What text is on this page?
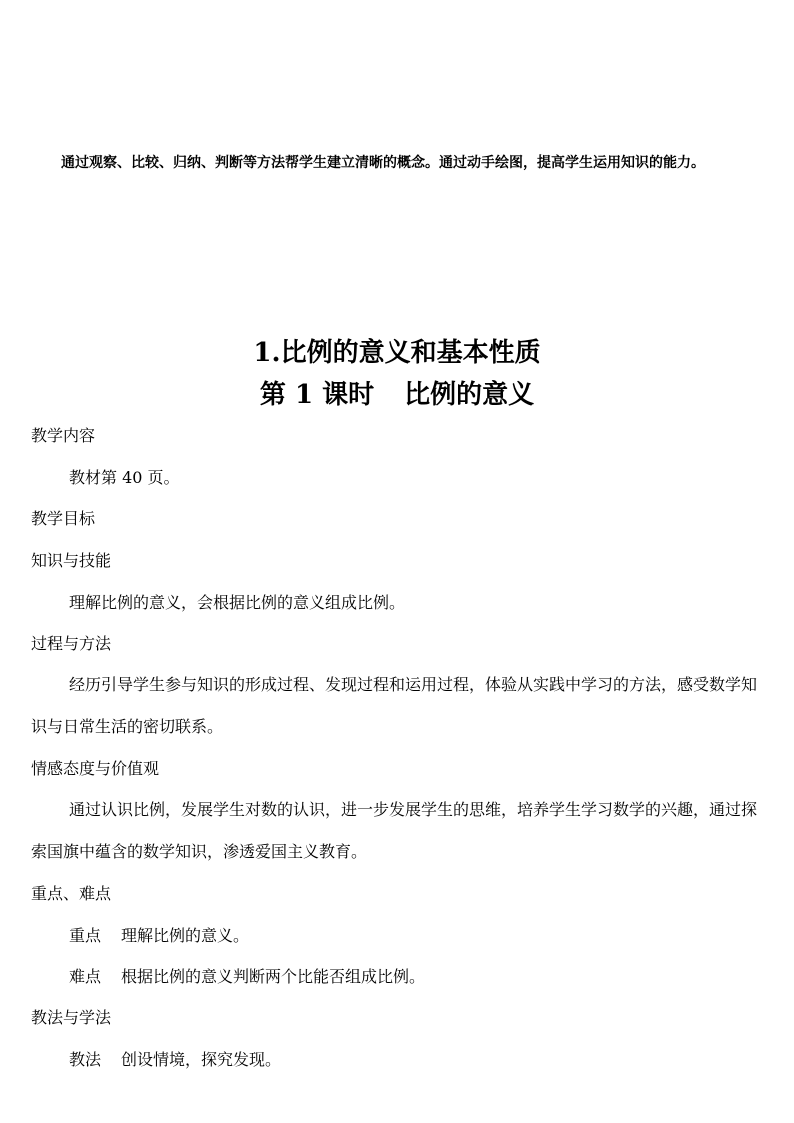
通过观察、比较、归纳、判断等方法帮学生建立清晰的概念。通过动手绘图，提高学生运用知识的能力。

1.比例的意义和基本性质
第 1 课时 比例的意义

教学内容

教材第 40 页。

教学目标

知识与技能

理解比例的意义，会根据比例的意义组成比例。

过程与方法

经历引导学生参与知识的形成过程、发现过程和运用过程，体验从实践中学习的方法，感受数学知识与日常生活的密切联系。

情感态度与价值观

通过认识比例，发展学生对数的认识，进一步发展学生的思维，培养学生学习数学的兴趣，通过探索国旗中蕴含的数学知识，渗透爱国主义教育。

重点、难点

重点 理解比例的意义。

难点 根据比例的意义判断两个比能否组成比例。

教法与学法

教法 创设情境，探究发现。
